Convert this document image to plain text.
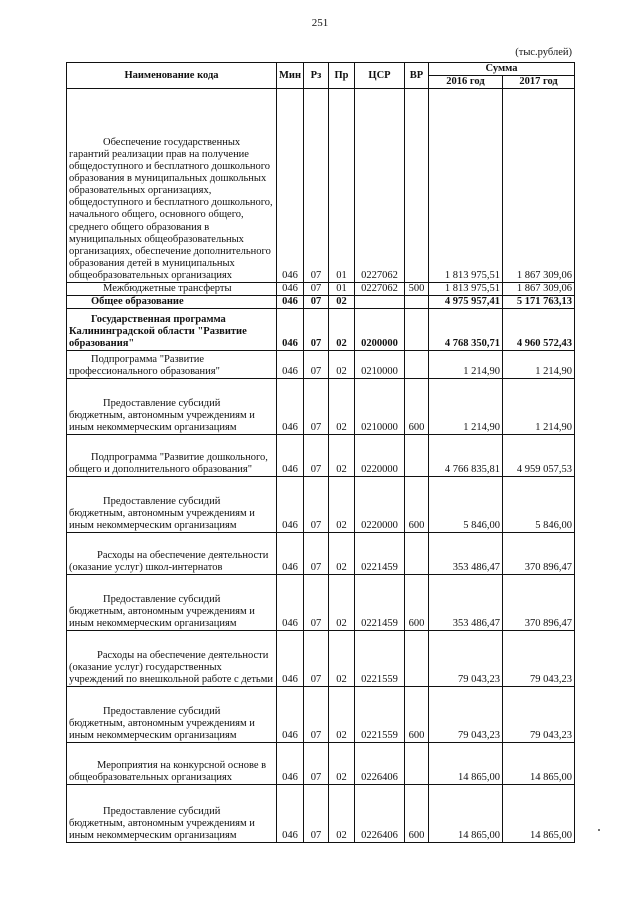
251
(тыс.рублей)
Наименование кода	Мин	Рз	Пр	ЦСР	ВР	Сумма	
						2016 год	2017 год
Обеспечение государственных гарантий реализации прав на получение общедоступного и бесплатного дошкольного образования в муниципальных дошкольных образовательных организациях, общедоступного и бесплатного дошкольного, начального общего, основного общего, среднего общего образования в муниципальных общеобразовательных организациях, обеспечение дополнительного образования детей в муниципальных общеобразовательных организациях	046	07	01	0227062		1 813 975,51	1 867 309,06
Межбюджетные трансферты	046	07	01	0227062	500	1 813 975,51	1 867 309,06
Общее образование	046	07	02			4 975 957,41	5 171 763,13
Государственная программа Калининградской области "Развитие образования"	046	07	02	0200000		4 768 350,71	4 960 572,43
Подпрограмма "Развитие профессионального образования"	046	07	02	0210000		1 214,90	1 214,90
Предоставление субсидий бюджетным, автономным учреждениям и иным некоммерческим организациям	046	07	02	0210000	600	1 214,90	1 214,90
Подпрограмма "Развитие дошкольного, общего и дополнительного образования"	046	07	02	0220000		4 766 835,81	4 959 057,53
Предоставление субсидий бюджетным, автономным учреждениям и иным некоммерческим организациям	046	07	02	0220000	600	5 846,00	5 846,00
Расходы на обеспечение деятельности (оказание услуг) школ-интернатов	046	07	02	0221459		353 486,47	370 896,47
Предоставление субсидий бюджетным, автономным учреждениям и иным некоммерческим организациям	046	07	02	0221459	600	353 486,47	370 896,47
Расходы на обеспечение деятельности (оказание услуг) государственных учреждений по внешкольной работе с детьми	046	07	02	0221559		79 043,23	79 043,23
Предоставление субсидий бюджетным, автономным учреждениям и иным некоммерческим организациям	046	07	02	0221559	600	79 043,23	79 043,23
Мероприятия на конкурсной основе в общеобразовательных организациях	046	07	02	0226406		14 865,00	14 865,00
Предоставление субсидий бюджетным, автономным учреждениям и иным некоммерческим организациям	046	07	02	0226406	600	14 865,00	14 865,00
